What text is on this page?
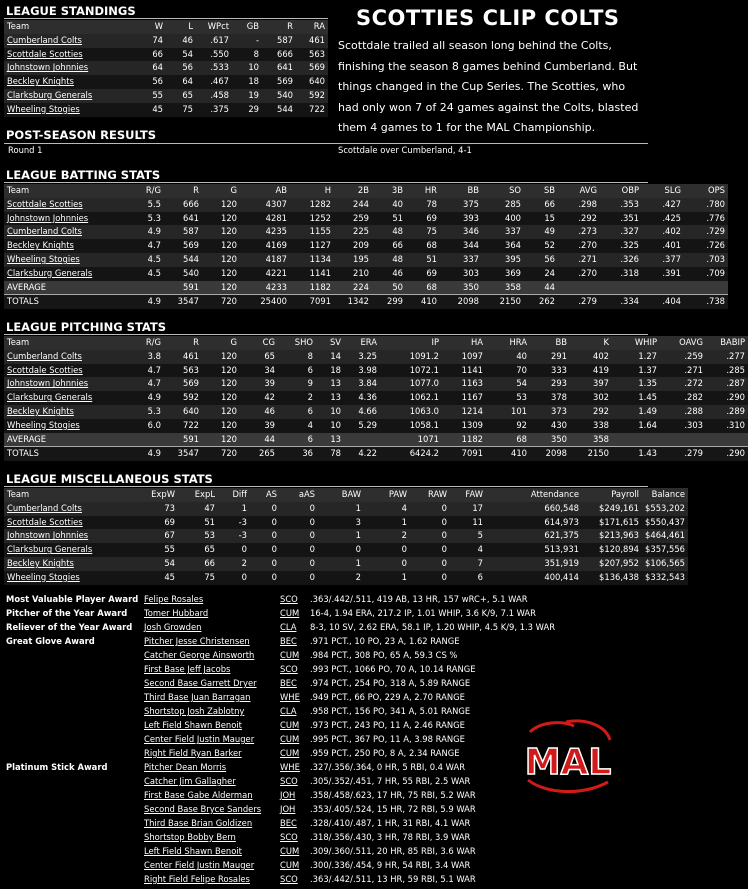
LEAGUE STANDINGS
Team	W	L	WPct	GB	R	RA
Cumberland Colts	74	46	.617	-	587	461
Scottdale Scotties	66	54	.550	8	666	563
Johnstown Johnnies	64	56	.533	10	641	569
Beckley Knights	56	64	.467	18	569	640
Clarksburg Generals	55	65	.458	19	540	592
Wheeling Stogies	45	75	.375	29	544	722
SCOTTIES CLIP COLTS
Scottdale trailed all season long behind the Colts, finishing the season 8 games behind Cumberland. But things changed in the Cup Series. The Scotties, who had only won 7 of 24 games against the Colts, blasted them 4 games to 1 for the MAL Championship.
POST-SEASON RESULTS
Round 1	Scottdale over Cumberland, 4-1
LEAGUE BATTING STATS
Team	R/G	R	G	AB	H	2B	3B	HR	BB	SO	SB	AVG	OBP	SLG	OPS
Scottdale Scotties	5.5	666	120	4307	1282	244	40	78	375	285	66	.298	.353	.427	.780
Johnstown Johnnies	5.3	641	120	4281	1252	259	51	69	393	400	15	.292	.351	.425	.776
Cumberland Colts	4.9	587	120	4235	1155	225	48	75	346	337	49	.273	.327	.402	.729
Beckley Knights	4.7	569	120	4169	1127	209	66	68	344	364	52	.270	.325	.401	.726
Wheeling Stogies	4.5	544	120	4187	1134	195	48	51	337	395	56	.271	.326	.377	.703
Clarksburg Generals	4.5	540	120	4221	1141	210	46	69	303	369	24	.270	.318	.391	.709
AVERAGE		591	120	4233	1182	224	50	68	350	358	44				
TOTALS	4.9	3547	720	25400	7091	1342	299	410	2098	2150	262	.279	.334	.404	.738
LEAGUE PITCHING STATS
Team	R/G	R	G	CG	SHO	SV	ERA	IP	HA	HRA	BB	K	WHIP	OAVG	BABIP
Cumberland Colts	3.8	461	120	65	8	14	3.25	1091.2	1097	40	291	402	1.27	.259	.277
Scottdale Scotties	4.7	563	120	34	6	18	3.98	1072.1	1141	70	333	419	1.37	.271	.285
Johnstown Johnnies	4.7	569	120	39	9	13	3.84	1077.0	1163	54	293	397	1.35	.272	.287
Clarksburg Generals	4.9	592	120	42	2	13	4.36	1062.1	1167	53	378	302	1.45	.282	.290
Beckley Knights	5.3	640	120	46	6	10	4.66	1063.0	1214	101	373	292	1.49	.288	.289
Wheeling Stogies	6.0	722	120	39	4	10	5.29	1058.1	1309	92	430	338	1.64	.303	.310
AVERAGE		591	120	44	6	13		1071	1182	68	350	358			
TOTALS	4.9	3547	720	265	36	78	4.22	6424.2	7091	410	2098	2150	1.43	.279	.290
LEAGUE MISCELLANEOUS STATS
Team	ExpW	ExpL	Diff	AS	aAS	BAW	PAW	RAW	FAW	Attendance	Payroll	Balance
Cumberland Colts	73	47	1	0	0	1	4	0	17	660,548	$249,161	$553,202
Scottdale Scotties	69	51	-3	0	0	3	1	0	11	614,973	$171,615	$550,437
Johnstown Johnnies	67	53	-3	0	0	1	2	0	5	621,375	$213,963	$464,461
Clarksburg Generals	55	65	0	0	0	0	0	0	4	513,931	$120,894	$357,556
Beckley Knights	54	66	2	0	0	1	0	0	7	351,919	$207,952	$106,565
Wheeling Stogies	45	75	0	0	0	2	1	0	6	400,414	$136,438	$332,543
Most Valuable Player Award Felipe Rosales	SCO .363/.442/.511, 419 AB, 13 HR, 157 wRC+, 5.1 WAR
Pitcher of the Year Award Tomer Hubbard	CUM 16-4, 1.94 ERA, 217.2 IP, 1.01 WHIP, 3.6 K/9, 7.1 WAR
Reliever of the Year Award Josh Growden	CLA 8-3, 10 SV, 2.62 ERA, 58.1 IP, 1.20 WHIP, 4.5 K/9, 1.3 WAR
Great Glove Award	Pitcher Jesse Christensen	BEC .971 PCT., 10 PO, 23 A, 1.62 RANGE
Catcher George Ainsworth	CUM .984 PCT., 308 PO, 65 A, 59.3 CS %
First Base Jeff Jacobs	SCO .993 PCT., 1066 PO, 70 A, 10.14 RANGE
Second Base Garrett Dryer	BEC .974 PCT., 254 PO, 318 A, 5.89 RANGE
Third Base Juan Barragan	WHE .949 PCT., 66 PO, 229 A, 2.70 RANGE
Shortstop Josh Zablotny	CLA .958 PCT., 156 PO, 341 A, 5.01 RANGE
Left Field Shawn Benoit	CUM .973 PCT., 243 PO, 11 A, 2.46 RANGE
Center Field Justin Mauger	CUM .995 PCT., 367 PO, 11 A, 3.98 RANGE
Right Field Ryan Barker	CUM .959 PCT., 250 PO, 8 A, 2.34 RANGE
Platinum Stick Award	Pitcher Dean Morris	WHE .327/.356/.364, 0 HR, 5 RBI, 0.4 WAR
Catcher Jim Gallagher	SCO .305/.352/.451, 7 HR, 55 RBI, 2.5 WAR
First Base Gabe Alderman	JOH .358/.458/.623, 17 HR, 75 RBI, 5.2 WAR
Second Base Bryce Sanders JOH .353/.405/.524, 15 HR, 72 RBI, 5.9 WAR
Third Base Brian Goldizen	BEC .328/.410/.487, 1 HR, 31 RBI, 4.1 WAR
Shortstop Bobby Bern	SCO .318/.356/.430, 3 HR, 78 RBI, 3.9 WAR
Left Field Shawn Benoit	CUM .309/.360/.511, 20 HR, 85 RBI, 3.6 WAR
Center Field Justin Mauger	CUM .300/.336/.454, 9 HR, 54 RBI, 3.4 WAR
Right Field Felipe Rosales	SCO .363/.442/.511, 13 HR, 59 RBI, 5.1 WAR
MAL
